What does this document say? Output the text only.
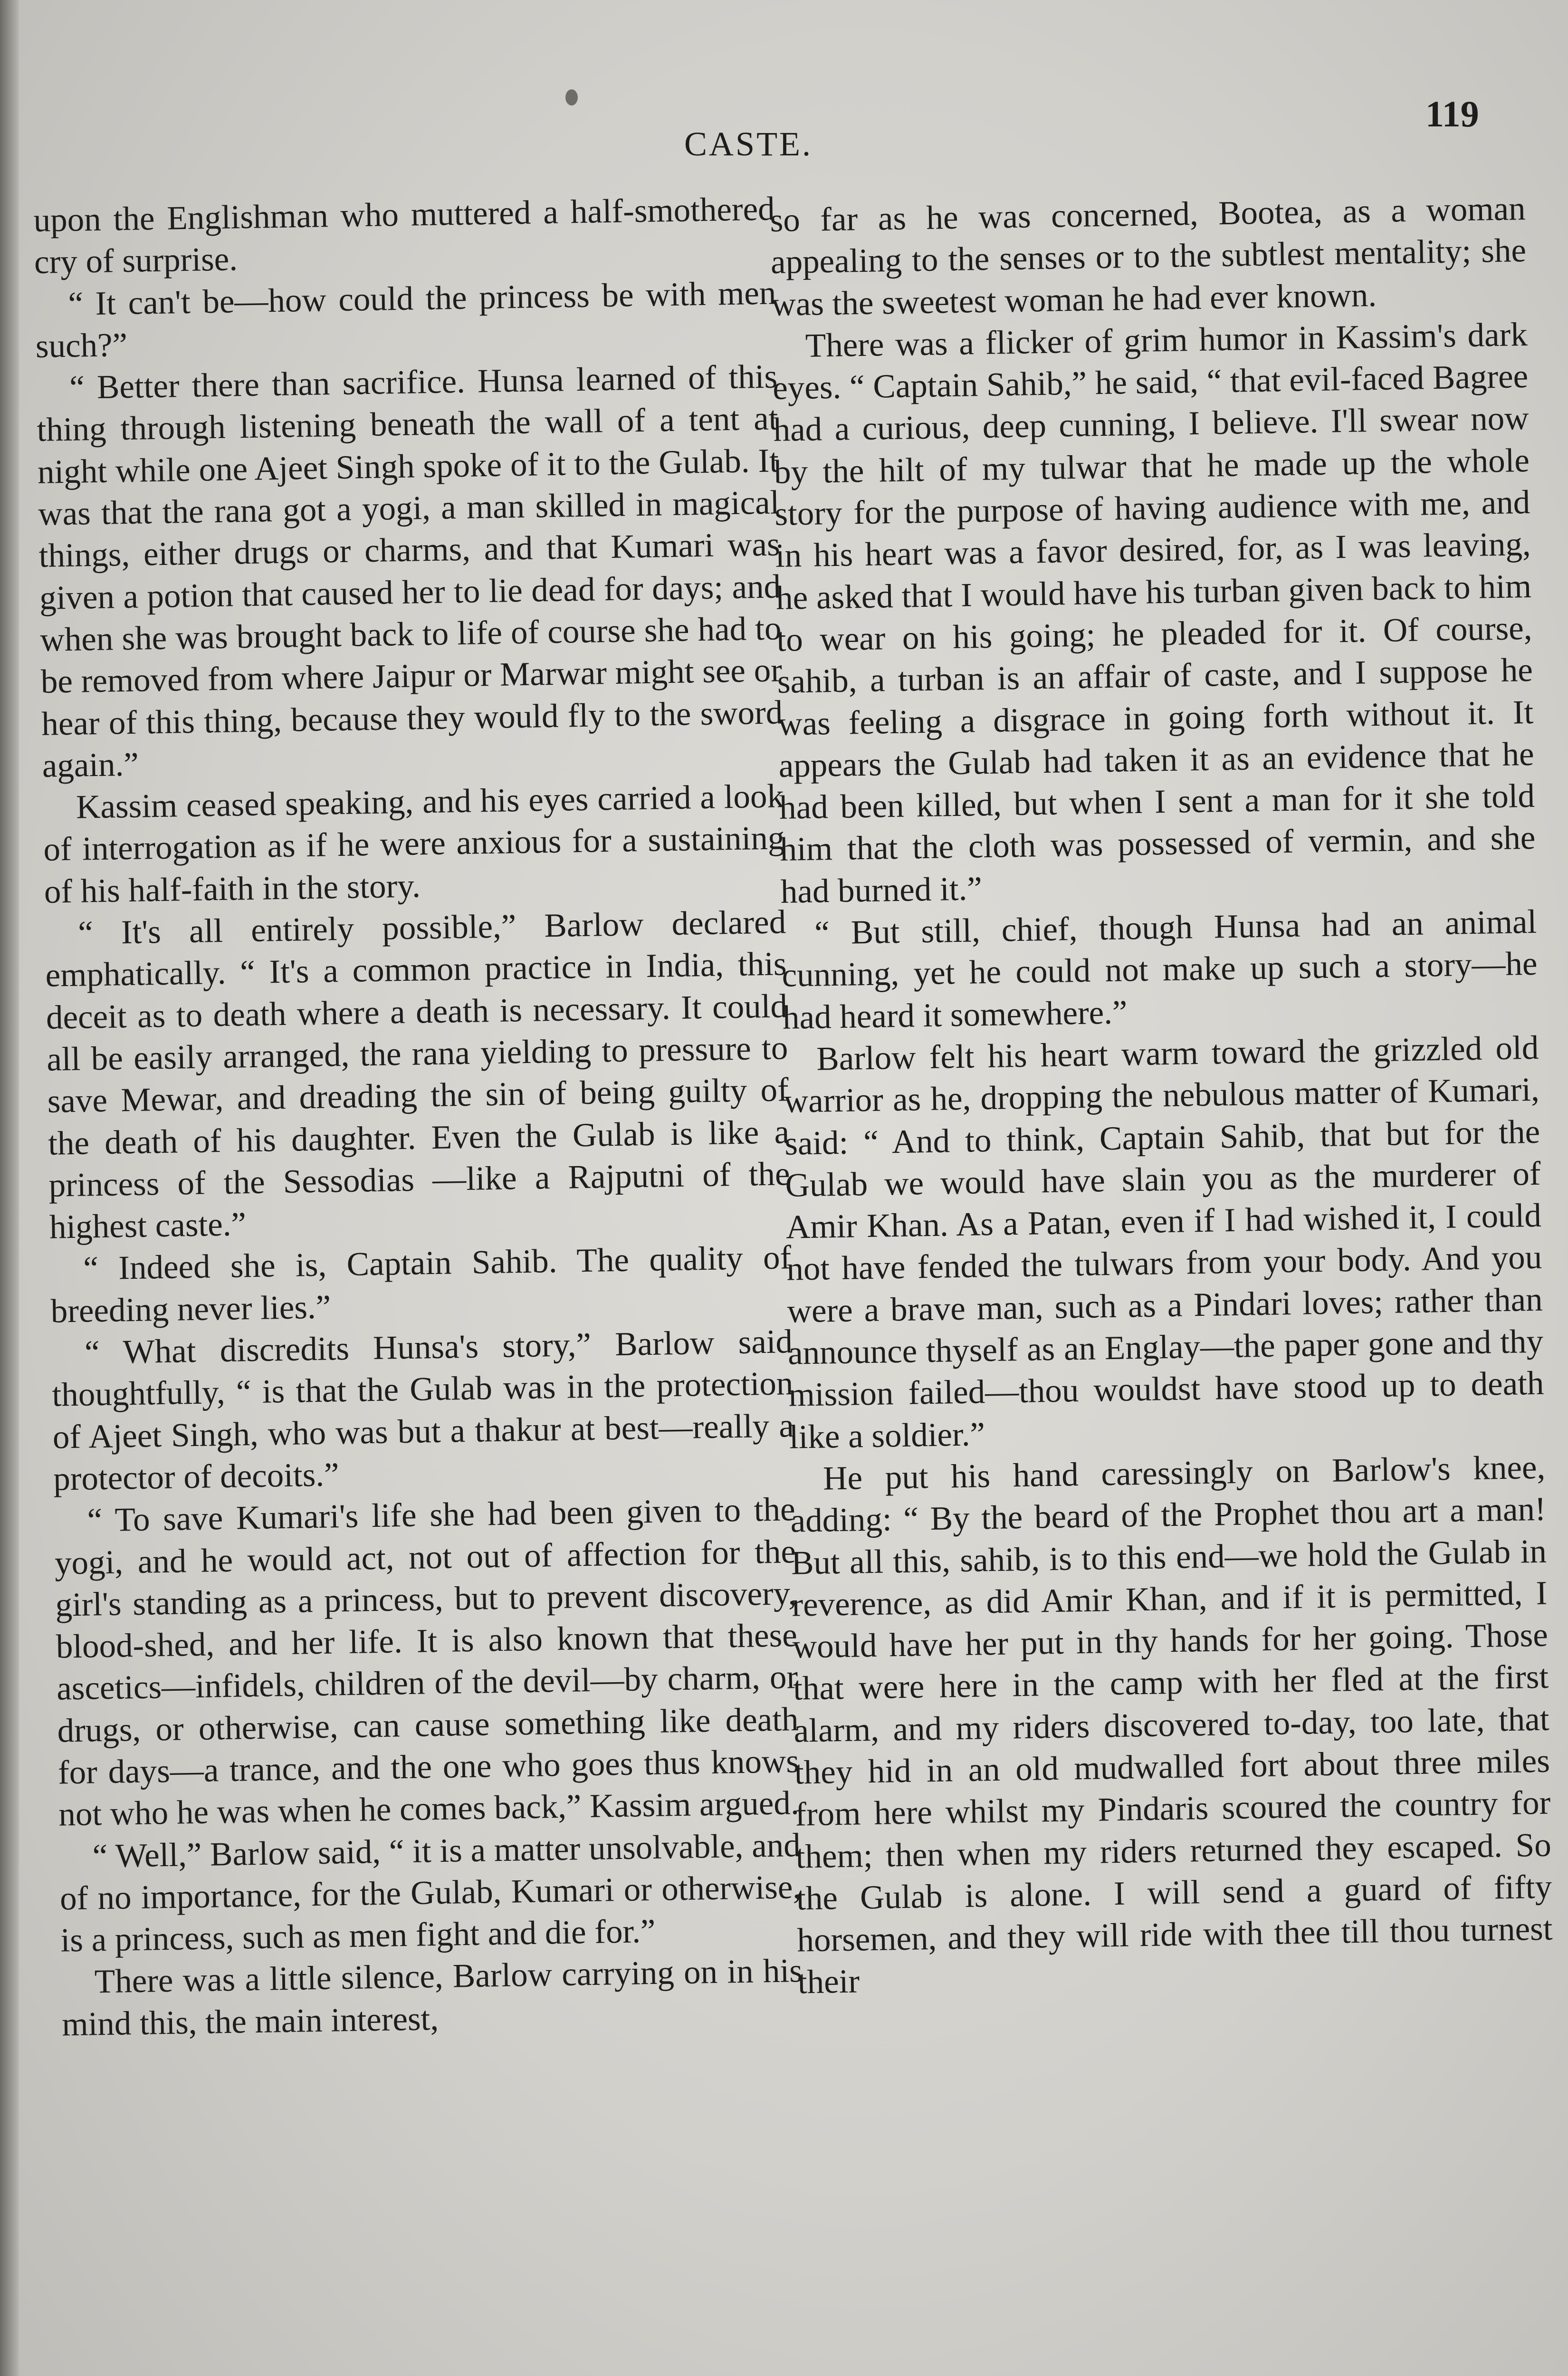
CASTE.
119

upon the Englishman who muttered a half-smothered cry of surprise.

“ It can't be—how could the princess be with men such?”

“ Better there than sacrifice. Hunsa learned of this thing through listening beneath the wall of a tent at night while one Ajeet Singh spoke of it to the Gulab. It was that the rana got a yogi, a man skilled in magical things, either drugs or charms, and that Kumari was given a potion that caused her to lie dead for days; and when she was brought back to life of course she had to be removed from where Jaipur or Marwar might see or hear of this thing, because they would fly to the sword again.”

Kassim ceased speaking, and his eyes carried a look of interrogation as if he were anxious for a sustaining of his half-faith in the story.

“ It's all entirely possible,” Barlow declared emphatically. “ It's a common practice in India, this deceit as to death where a death is necessary. It could all be easily arranged, the rana yielding to pressure to save Mewar, and dreading the sin of being guilty of the death of his daughter. Even the Gulab is like a princess of the Sessodias —like a Rajputni of the highest caste.”

“ Indeed she is, Captain Sahib. The quality of breeding never lies.”

“ What discredits Hunsa's story,” Barlow said thoughtfully, “ is that the Gulab was in the protection of Ajeet Singh, who was but a thakur at best—really a protector of decoits.”

“ To save Kumari's life she had been given to the yogi, and he would act, not out of affection for the girl's standing as a princess, but to prevent discovery, blood-shed, and her life. It is also known that these ascetics—infidels, children of the devil—by charm, or drugs, or otherwise, can cause something like death for days—a trance, and the one who goes thus knows not who he was when he comes back,” Kassim argued.

“ Well,” Barlow said, “ it is a matter unsolvable, and of no importance, for the Gulab, Kumari or otherwise, is a princess, such as men fight and die for.”

There was a little silence, Barlow carrying on in his mind this, the main interest,

so far as he was concerned, Bootea, as a woman appealing to the senses or to the subtlest mentality; she was the sweetest woman he had ever known.

There was a flicker of grim humor in Kassim's dark eyes. “ Captain Sahib,” he said, “ that evil-faced Bagree had a curious, deep cunning, I believe. I'll swear now by the hilt of my tulwar that he made up the whole story for the purpose of having audience with me, and in his heart was a favor desired, for, as I was leaving, he asked that I would have his turban given back to him to wear on his going; he pleaded for it. Of course, sahib, a turban is an affair of caste, and I suppose he was feeling a disgrace in going forth without it. It appears the Gulab had taken it as an evidence that he had been killed, but when I sent a man for it she told him that the cloth was possessed of vermin, and she had burned it.”

“ But still, chief, though Hunsa had an animal cunning, yet he could not make up such a story—he had heard it somewhere.”

Barlow felt his heart warm toward the grizzled old warrior as he, dropping the nebulous matter of Kumari, said: “ And to think, Captain Sahib, that but for the Gulab we would have slain you as the murderer of Amir Khan. As a Patan, even if I had wished it, I could not have fended the tulwars from your body. And you were a brave man, such as a Pindari loves; rather than announce thyself as an Englay—the paper gone and thy mission failed—thou wouldst have stood up to death like a soldier.”

He put his hand caressingly on Barlow's knee, adding: “ By the beard of the Prophet thou art a man! But all this, sahib, is to this end—we hold the Gulab in reverence, as did Amir Khan, and if it is permitted, I would have her put in thy hands for her going. Those that were here in the camp with her fled at the first alarm, and my riders discovered to-day, too late, that they hid in an old mudwalled fort about three miles from here whilst my Pindaris scoured the country for them; then when my riders returned they escaped. So the Gulab is alone. I will send a guard of fifty horsemen, and they will ride with thee till thou turnest their
